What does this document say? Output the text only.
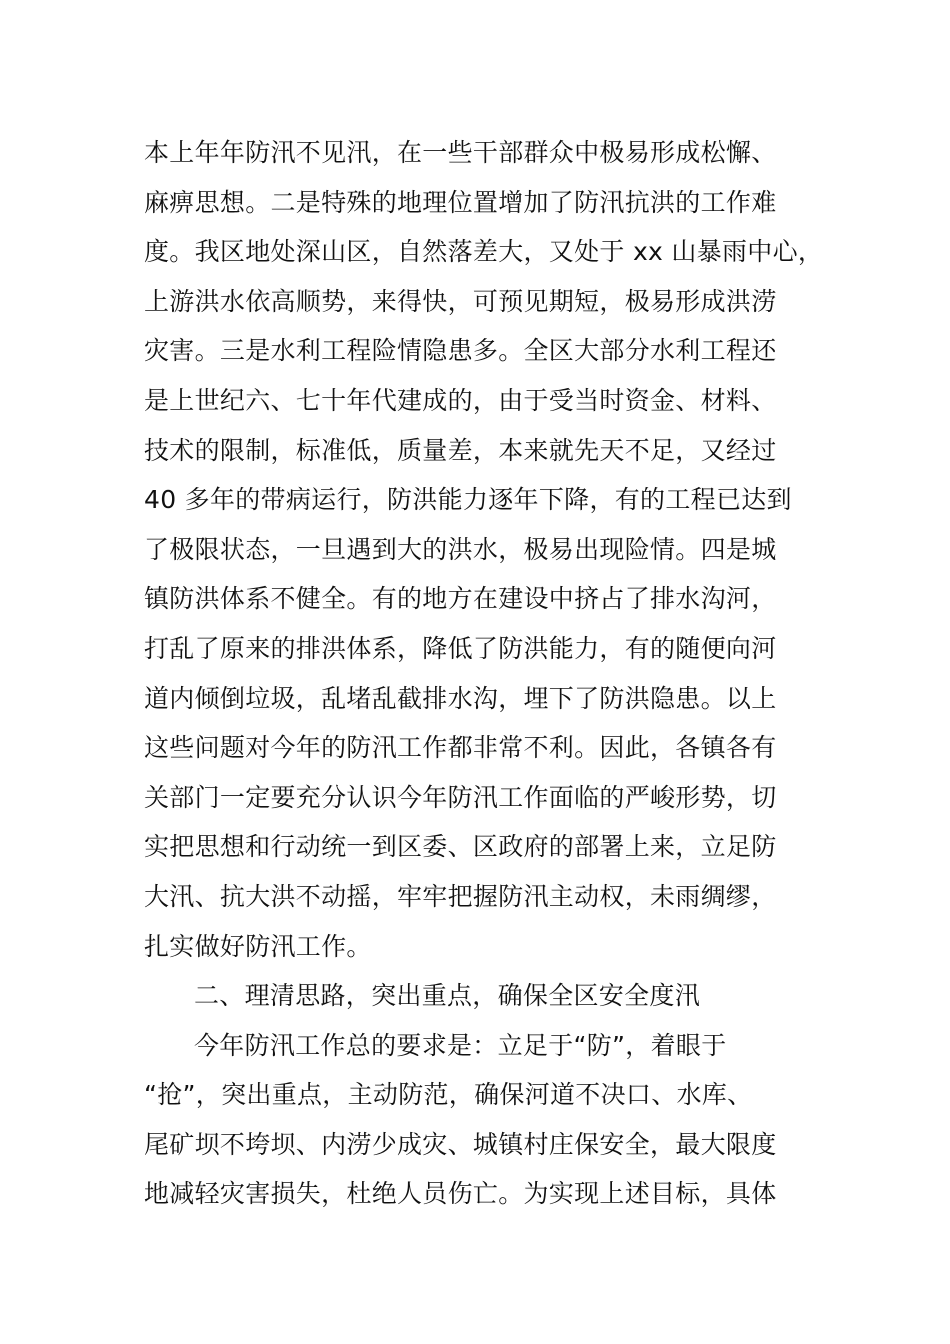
本上年年防汛不见汛，在一些干部群众中极易形成松懈、
麻痹思想。二是特殊的地理位置增加了防汛抗洪的工作难
度。我区地处深山区，自然落差大，又处于 xx 山暴雨中心，
上游洪水依高顺势，来得快，可预见期短，极易形成洪涝
灾害。三是水利工程险情隐患多。全区大部分水利工程还
是上世纪六、七十年代建成的，由于受当时资金、材料、
技术的限制，标准低，质量差，本来就先天不足，又经过
40 多年的带病运行，防洪能力逐年下降，有的工程已达到
了极限状态，一旦遇到大的洪水，极易出现险情。四是城
镇防洪体系不健全。有的地方在建设中挤占了排水沟河，
打乱了原来的排洪体系，降低了防洪能力，有的随便向河
道内倾倒垃圾，乱堵乱截排水沟，埋下了防洪隐患。以上
这些问题对今年的防汛工作都非常不利。因此，各镇各有
关部门一定要充分认识今年防汛工作面临的严峻形势，切
实把思想和行动统一到区委、区政府的部署上来，立足防
大汛、抗大洪不动摇，牢牢把握防汛主动权，未雨绸缪，
扎实做好防汛工作。
二、理清思路，突出重点，确保全区安全度汛
今年防汛工作总的要求是：立足于“防”，着眼于
“抢”，突出重点，主动防范，确保河道不决口、水库、
尾矿坝不垮坝、内涝少成灾、城镇村庄保安全，最大限度
地减轻灾害损失，杜绝人员伤亡。为实现上述目标，具体
